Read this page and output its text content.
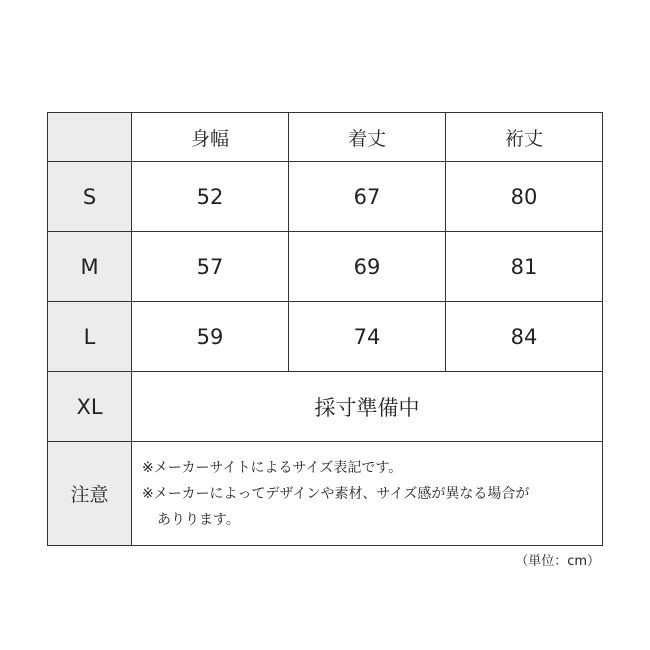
	身幅	着丈	裄丈
S	52	67	80
M	57	69	81
L	59	74	84
XL	採寸準備中		
注意	※メーカーサイトによるサイズ表記です。
※メーカーによってデザインや素材、サイズ感が異なる場合が
ありります。		
（単位：cm）
